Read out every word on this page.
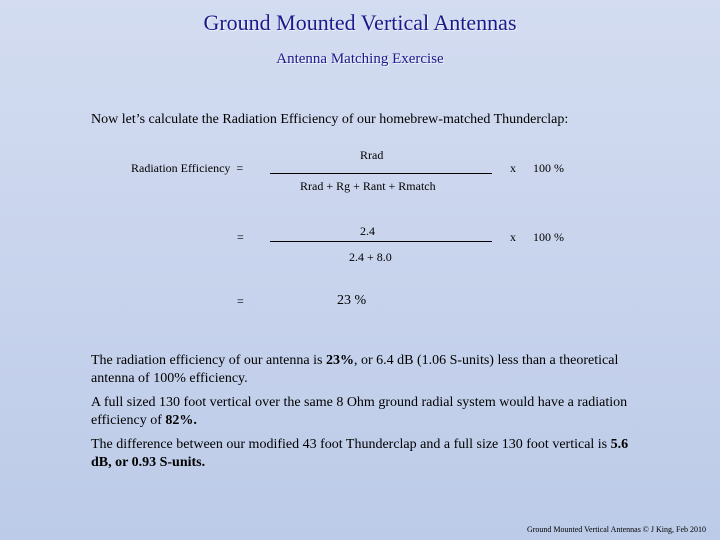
Ground Mounted Vertical Antennas
Antenna Matching Exercise
Now let’s calculate the Radiation Efficiency of our homebrew-matched Thunderclap:
Radiation Efficiency =
Rrad
Rrad + Rg + Rant + Rmatch
x 100 %
=	2.4
2.4 + 8.0
x 100 %
=	23 %
The radiation efficiency of our antenna is 23%, or 6.4 dB (1.06 S-units) less than a theoretical antenna of 100% efficiency.
A full sized 130 foot vertical over the same 8 Ohm ground radial system would have a radiation efficiency of 82%.
The difference between our modified 43 foot Thunderclap and a full size 130 foot vertical is 5.6 dB, or 0.93 S-units.
Ground Mounted Vertical Antennas © J King, Feb 2010
